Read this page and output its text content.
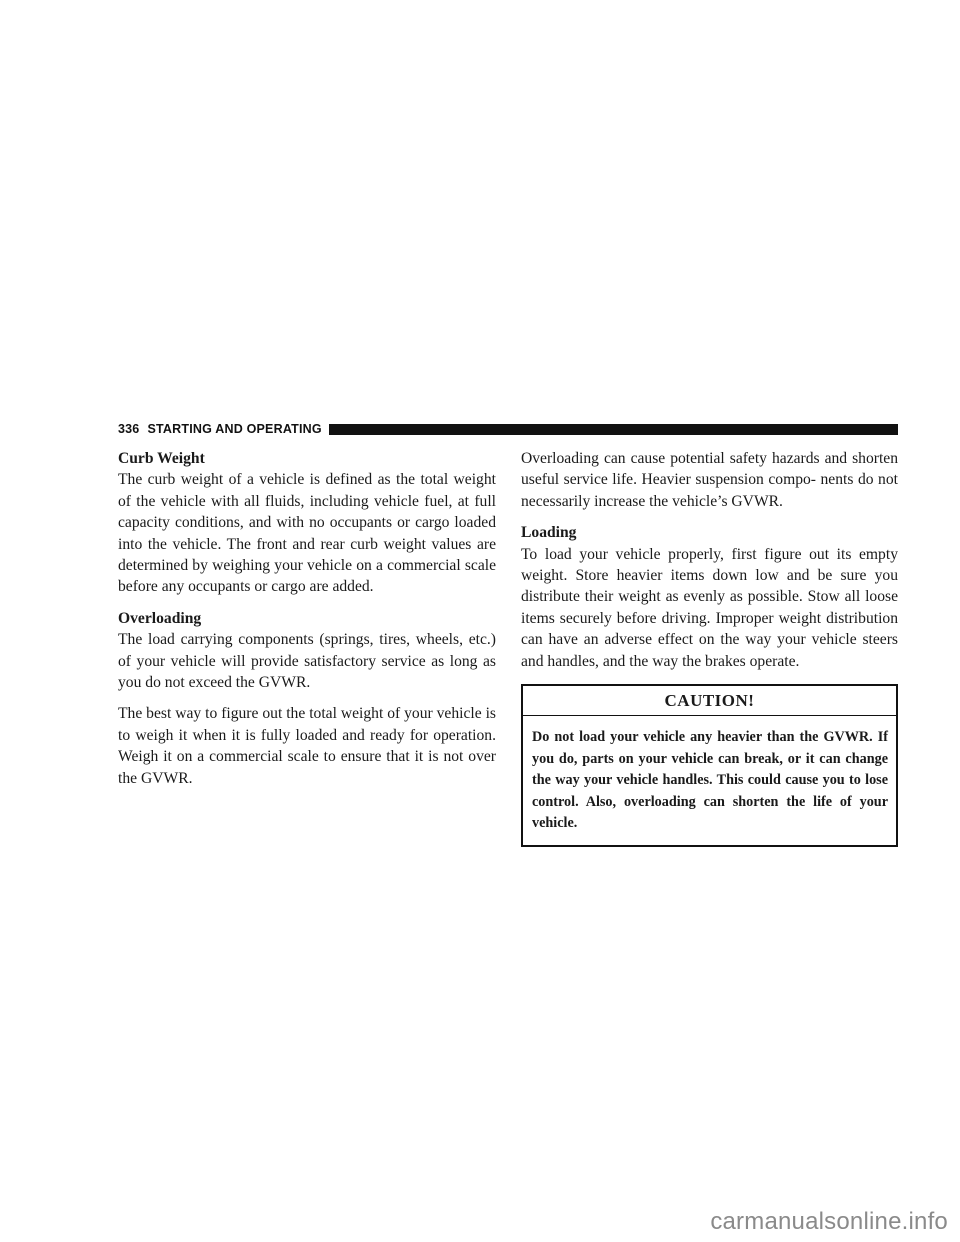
336 STARTING AND OPERATING
Curb Weight

The curb weight of a vehicle is defined as the total weight of the vehicle with all fluids, including vehicle fuel, at full capacity conditions, and with no occupants or cargo loaded into the vehicle. The front and rear curb weight values are determined by weighing your vehicle on a commercial scale before any occupants or cargo are added.

Overloading

The load carrying components (springs, tires, wheels, etc.) of your vehicle will provide satisfactory service as long as you do not exceed the GVWR.

The best way to figure out the total weight of your vehicle is to weigh it when it is fully loaded and ready for operation. Weigh it on a commercial scale to ensure that it is not over the GVWR.

Overloading can cause potential safety hazards and shorten useful service life. Heavier suspension compo- nents do not necessarily increase the vehicle’s GVWR.

Loading

To load your vehicle properly, first figure out its empty weight. Store heavier items down low and be sure you distribute their weight as evenly as possible. Stow all loose items securely before driving. Improper weight distribution can have an adverse effect on the way your vehicle steers and handles, and the way the brakes operate.

CAUTION!
Do not load your vehicle any heavier than the GVWR. If you do, parts on your vehicle can break, or it can change the way your vehicle handles. This could cause you to lose control. Also, overloading can shorten the life of your vehicle.
carmanualsonline.info
